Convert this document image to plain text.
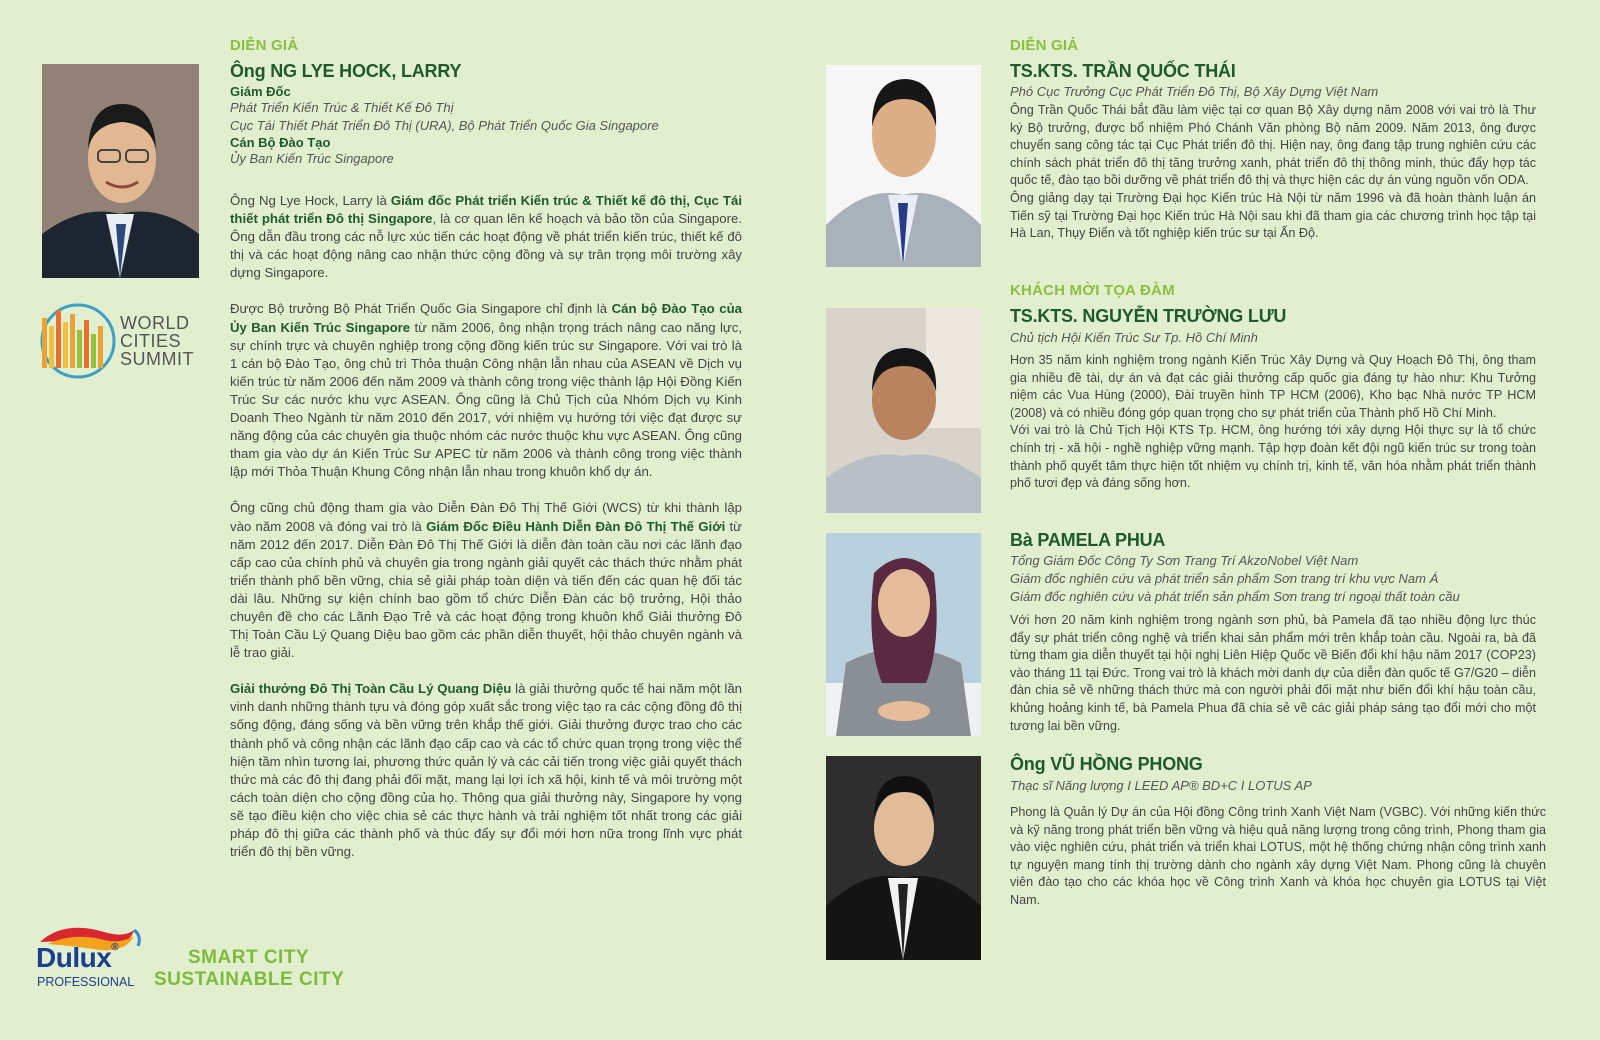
DIỄN GIẢ
Ông NG LYE HOCK, LARRY
Giám Đốc
Phát Triển Kiến Trúc & Thiết Kế Đô Thị
Cục Tái Thiết Phát Triển Đô Thị (URA), Bộ Phát Triển Quốc Gia Singapore
Cán Bộ Đào Tạo
Ủy Ban Kiến Trúc Singapore

Ông Ng Lye Hock, Larry là Giám đốc Phát triển Kiến trúc & Thiết kế đô thị, Cục Tái thiết phát triển Đô thị Singapore, là cơ quan lên kế hoạch và bảo tồn của Singapore. Ông dẫn đầu trong các nỗ lực xúc tiến các hoạt động về phát triển kiến trúc, thiết kế đô thị và các hoạt động nâng cao nhận thức cộng đồng và sự trân trọng môi trường xây dựng Singapore.

Được Bộ trưởng Bộ Phát Triển Quốc Gia Singapore chỉ định là Cán bộ Đào Tạo của Ủy Ban Kiến Trúc Singapore từ năm 2006, ông nhận trọng trách nâng cao năng lực, sự chính trực và chuyên nghiệp trong cộng đồng kiến trúc sư Singapore. Với vai trò là 1 cán bộ Đào Tạo, ông chủ trì Thỏa thuận Công nhận lẫn nhau của ASEAN về Dịch vụ kiến trúc từ năm 2006 đến năm 2009 và thành công trong việc thành lập Hội Đồng Kiến Trúc Sư các nước khu vực ASEAN. Ông cũng là Chủ Tịch của Nhóm Dịch vụ Kinh Doanh Theo Ngành từ năm 2010 đến 2017, với nhiệm vụ hướng tới việc đạt được sự năng động của các chuyên gia thuộc nhóm các nước thuộc khu vực ASEAN. Ông cũng tham gia vào dự án Kiến Trúc Sư APEC từ năm 2006 và thành công trong việc thành lập mới Thỏa Thuận Khung Công nhận lẫn nhau trong khuôn khổ dự án.

Ông cũng chủ động tham gia vào Diễn Đàn Đô Thị Thế Giới (WCS) từ khi thành lập vào năm 2008 và đóng vai trò là Giám Đốc Điều Hành Diễn Đàn Đô Thị Thế Giới từ năm 2012 đến 2017. Diễn Đàn Đô Thị Thế Giới là diễn đàn toàn cầu nơi các lãnh đạo cấp cao của chính phủ và chuyên gia trong ngành giải quyết các thách thức nhằm phát triển thành phố bền vững, chia sẻ giải pháp toàn diện và tiến đến các quan hệ đối tác dài lâu. Những sự kiện chính bao gồm tổ chức Diễn Đàn các bộ trưởng, Hội thảo chuyên đề cho các Lãnh Đạo Trẻ và các hoạt động trong khuôn khổ Giải thưởng Đô Thị Toàn Cầu Lý Quang Diệu bao gồm các phần diễn thuyết, hội thảo chuyên ngành và lễ trao giải.

Giải thưởng Đô Thị Toàn Cầu Lý Quang Diệu là giải thưởng quốc tế hai năm một lần vinh danh những thành tựu và đóng góp xuất sắc trong việc tạo ra các cộng đồng đô thị sống động, đáng sống và bền vững trên khắp thế giới. Giải thưởng được trao cho các thành phố và công nhận các lãnh đạo cấp cao và các tổ chức quan trọng trong việc thể hiện tầm nhìn tương lai, phương thức quản lý và các cải tiến trong việc giải quyết thách thức mà các đô thị đang phải đối mặt, mang lại lợi ích xã hội, kinh tế và môi trường một cách toàn diện cho cộng đồng của họ. Thông qua giải thưởng này, Singapore hy vọng sẽ tạo điều kiện cho việc chia sẻ các thực hành và trải nghiệm tốt nhất trong các giải pháp đô thị giữa các thành phố và thúc đẩy sự đổi mới hơn nữa trong lĩnh vực phát triển đô thị bền vững.

WORLD
CITIES
SUMMIT
Dulux®
PROFESSIONAL
SMART CITY
SUSTAINABLE CITY
DIỄN GIẢ
TS.KTS. TRẦN QUỐC THÁI
Phó Cục Trưởng Cục Phát Triển Đô Thị, Bộ Xây Dựng Việt Nam

Ông Trần Quốc Thái bắt đầu làm việc tại cơ quan Bộ Xây dựng năm 2008 với vai trò là Thư ký Bộ trưởng, được bổ nhiệm Phó Chánh Văn phòng Bộ năm 2009. Năm 2013, ông được chuyển sang công tác tại Cục Phát triển đô thị. Hiện nay, ông đang tập trung nghiên cứu các chính sách phát triển đô thị tăng trưởng xanh, phát triển đô thị thông minh, thúc đẩy hợp tác quốc tế, đào tạo bồi dưỡng về phát triển đô thị và thực hiện các dự án vùng nguồn vốn ODA.

Ông giảng dạy tại Trường Đại học Kiến trúc Hà Nội từ năm 1996 và đã hoàn thành luận án Tiến sỹ tại Trường Đại học Kiến trúc Hà Nội sau khi đã tham gia các chương trình học tập tại Hà Lan, Thụy Điển và tốt nghiệp kiến trúc sư tại Ấn Độ.

KHÁCH MỜI TỌA ĐÀM
TS.KTS. NGUYỄN TRƯỜNG LƯU
Chủ tịch Hội Kiến Trúc Sư Tp. Hồ Chí Minh

Hơn 35 năm kinh nghiệm trong ngành Kiến Trúc Xây Dựng và Quy Hoạch Đô Thị, ông tham gia nhiều đề tài, dự án và đạt các giải thưởng cấp quốc gia đáng tự hào như: Khu Tưởng niệm các Vua Hùng (2000), Đài truyền hình TP HCM (2006), Kho bạc Nhà nước TP HCM (2008) và có nhiều đóng góp quan trọng cho sự phát triển của Thành phố Hồ Chí Minh.

Với vai trò là Chủ Tịch Hội KTS Tp. HCM, ông hướng tới xây dựng Hội thực sự là tổ chức chính trị - xã hội - nghề nghiệp vững mạnh. Tập hợp đoàn kết đội ngũ kiến trúc sư trong toàn thành phố quyết tâm thực hiện tốt nhiệm vụ chính trị, kinh tế, văn hóa nhằm phát triển thành phố tươi đẹp và đáng sống hơn.

Bà PAMELA PHUA
Tổng Giám Đốc Công Ty Sơn Trang Trí AkzoNobel Việt Nam
Giám đốc nghiên cứu và phát triển sản phẩm Sơn trang trí khu vực Nam Á
Giám đốc nghiên cứu và phát triển sản phẩm Sơn trang trí ngoại thất toàn cầu

Với hơn 20 năm kinh nghiệm trong ngành sơn phủ, bà Pamela đã tạo nhiều động lực thúc đẩy sự phát triển công nghệ và triển khai sản phẩm mới trên khắp toàn cầu. Ngoài ra, bà đã từng tham gia diễn thuyết tại hội nghị Liên Hiệp Quốc về Biến đổi khí hậu năm 2017 (COP23) vào tháng 11 tại Đức. Trong vai trò là khách mời danh dự của diễn đàn quốc tế G7/G20 – diễn đàn chia sẻ về những thách thức mà con người phải đối mặt như biến đổi khí hậu toàn cầu, khủng hoảng kinh tế, bà Pamela Phua đã chia sẻ về các giải pháp sáng tạo đổi mới cho một tương lai bền vững.

Ông VŨ HỒNG PHONG
Thạc sĩ Năng lượng I LEED AP® BD+C I LOTUS AP

Phong là Quản lý Dự án của Hội đồng Công trình Xanh Việt Nam (VGBC). Với những kiến thức và kỹ năng trong phát triển bền vững và hiệu quả năng lượng trong công trình, Phong tham gia vào việc nghiên cứu, phát triển và triển khai LOTUS, một hệ thống chứng nhận công trình xanh tự nguyện mang tính thị trường dành cho ngành xây dựng Việt Nam. Phong cũng là chuyên viên đào tạo cho các khóa học về Công trình Xanh và khóa học chuyên gia LOTUS tại Việt Nam.
